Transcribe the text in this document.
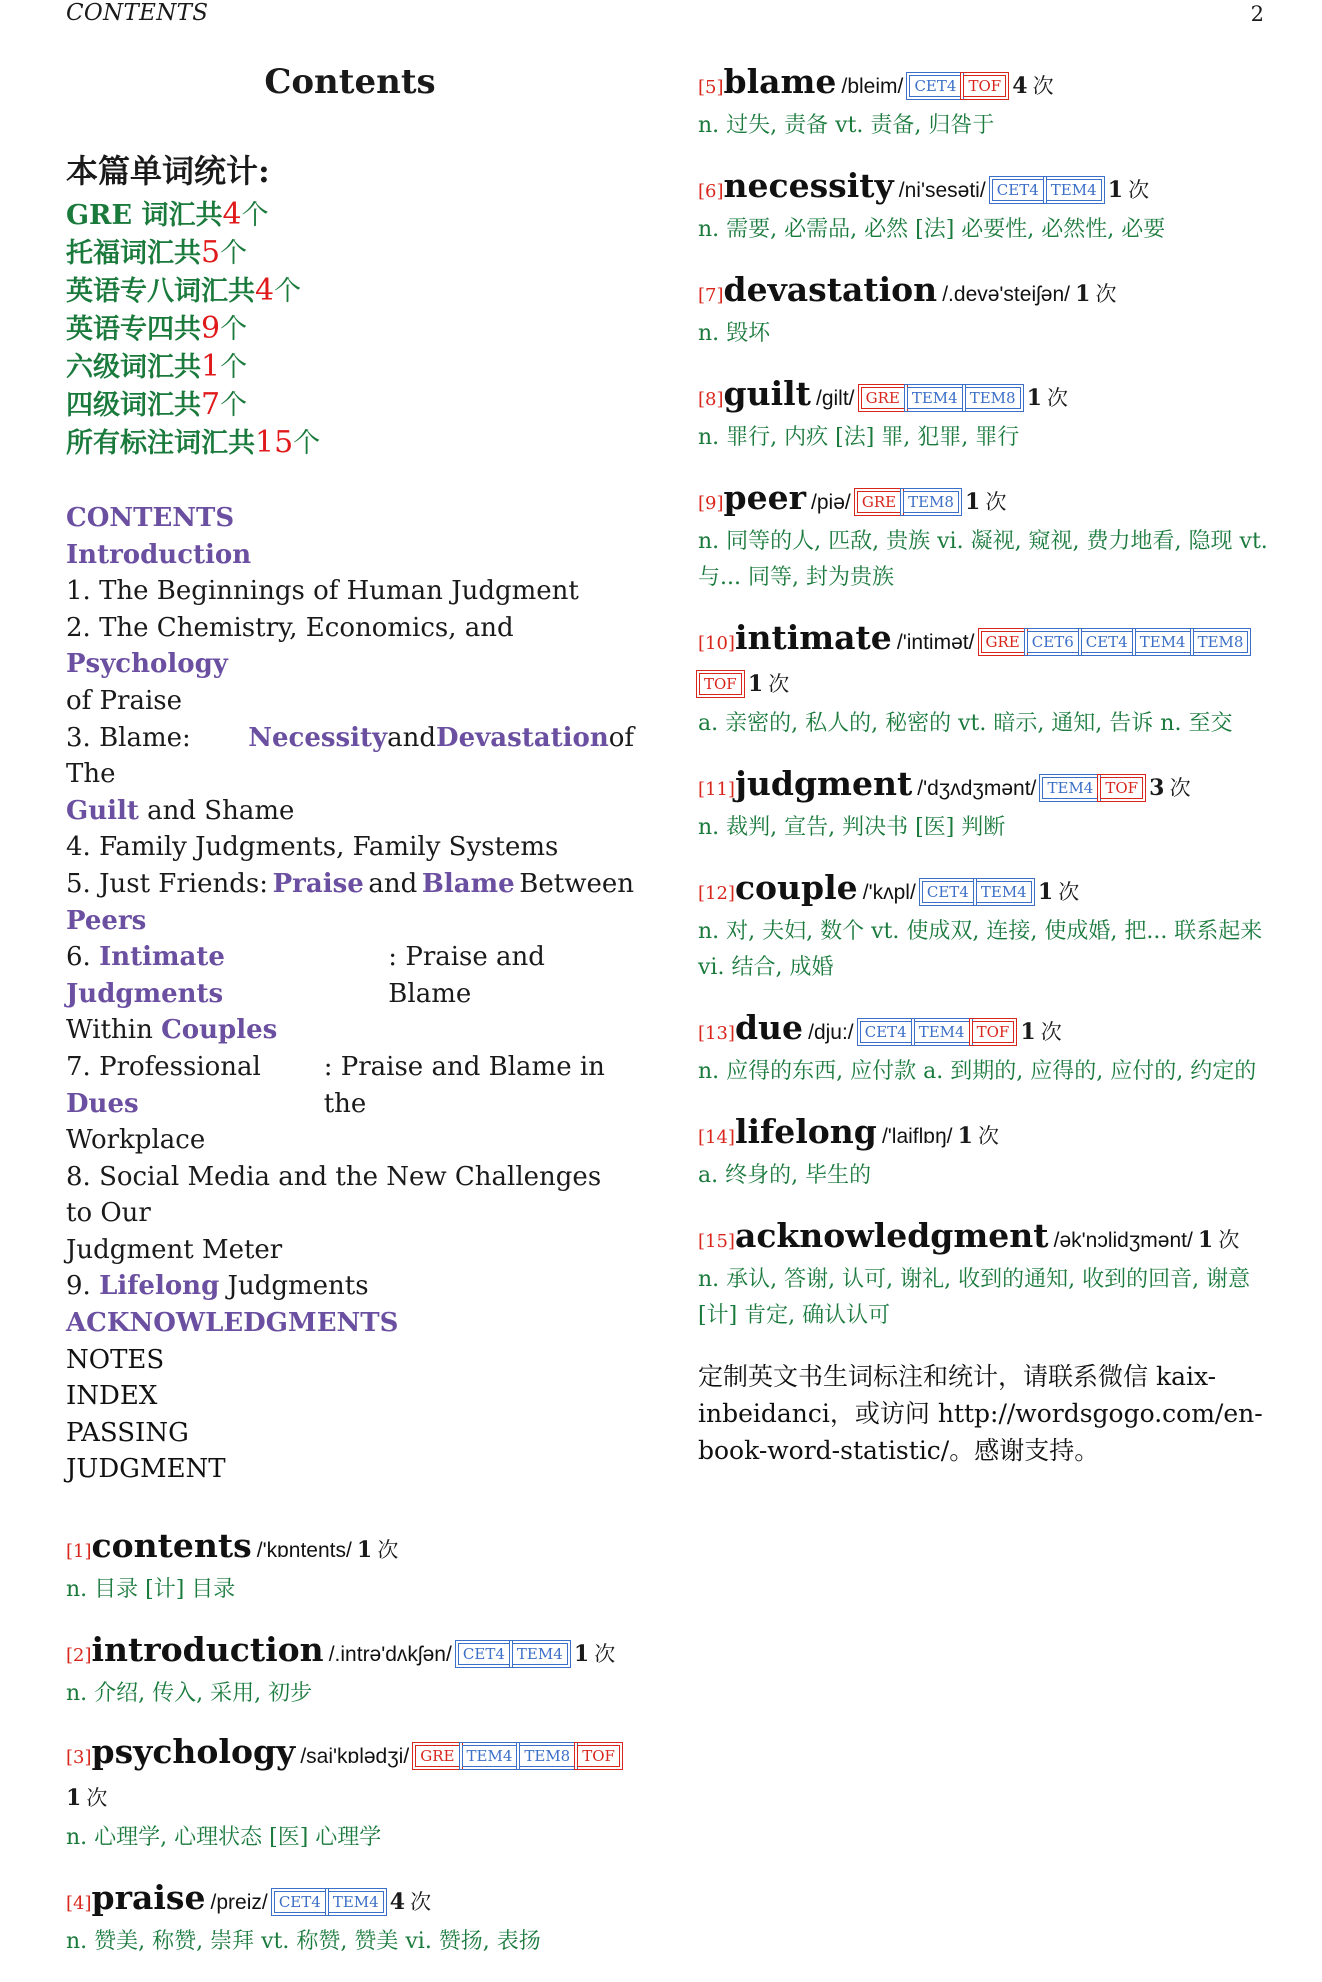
CONTENTS	2
Contents
本篇单词统计:
GRE 词汇共4个
托福词汇共5个
英语专八词汇共4个
英语专四共9个
六级词汇共1个
四级词汇共7个
所有标注词汇共15个
CONTENTS
Introduction
1. The Beginnings of Human Judgment
2. The Chemistry, Economics, and Psychology
of Praise
3. Blame: The
Necessity and Devastation of
Guilt and Shame
4. Family Judgments, Family Systems
5. Just Friends: Praise and Blame Between
Peers
6. Intimate Judgments
: Praise and Blame
Within Couples
7. Professional Dues
: Praise and Blame in the
Workplace
8. Social Media and the New Challenges to Our
Judgment Meter
9. Lifelong Judgments
ACKNOWLEDGMENTS
NOTES
INDEX
PASSING
JUDGMENT
[1]contents /'kɒntents/ 1 次
n. 目录 [计] 目录
[2]introduction /.intrə'dʌkʃən/ CET4 TEM4 1 次
n. 介绍, 传入, 采用, 初步
[3]psychology /sai'kɒlədʒi/ GRE TEM4 TEM8 TOF 1 次
n. 心理学, 心理状态 [医] 心理学
[4]praise /preiz/ CET4 TEM4 4 次
n. 赞美, 称赞, 崇拜 vt. 称赞, 赞美 vi. 赞扬, 表扬
[5]blame /bleim/ CET4 TOF 4 次
n. 过失, 责备 vt. 责备, 归咎于
[6]necessity /ni'sesəti/ CET4 TEM4 1 次
n. 需要, 必需品, 必然 [法] 必要性, 必然性, 必要
[7]devastation /.devə'steiʃən/ 1 次
n. 毁坏
[8]guilt /gilt/ GRE TEM4 TEM8 1 次
n. 罪行, 内疚 [法] 罪, 犯罪, 罪行
[9]peer /piə/ GRE TEM8 1 次
n. 同等的人, 匹敌, 贵族 vi. 凝视, 窥视, 费力地看, 隐现 vt. 与... 同等, 封为贵族
[10]intimate /'intimət/ GRE CET6 CET4 TEM4 TEM8TOF 1 次
a. 亲密的, 私人的, 秘密的 vt. 暗示, 通知, 告诉 n. 至交
[11]judgment /'dʒʌdʒmənt/ TEM4 TOF 3 次
n. 裁判, 宣告, 判决书 [医] 判断
[12]couple /'kʌpl/ CET4 TEM4 1 次
n. 对, 夫妇, 数个 vt. 使成双, 连接, 使成婚, 把... 联系起来 vi. 结合, 成婚
[13]due /dju:/ CET4 TEM4 TOF 1 次
n. 应得的东西, 应付款 a. 到期的, 应得的, 应付的, 约定的
[14]lifelong /'laiflɒŋ/ 1 次
a. 终身的, 毕生的
[15]acknowledgment /ək'nɔlidʒmənt/ 1 次
n. 承认, 答谢, 认可, 谢礼, 收到的通知, 收到的回音, 谢意 [计] 肯定, 确认认可
定制英文书生词标注和统计，请联系微信 kaix-inbeidanci，或访问 http://wordsgogo.com/en-book-word-statistic/。感谢支持。
